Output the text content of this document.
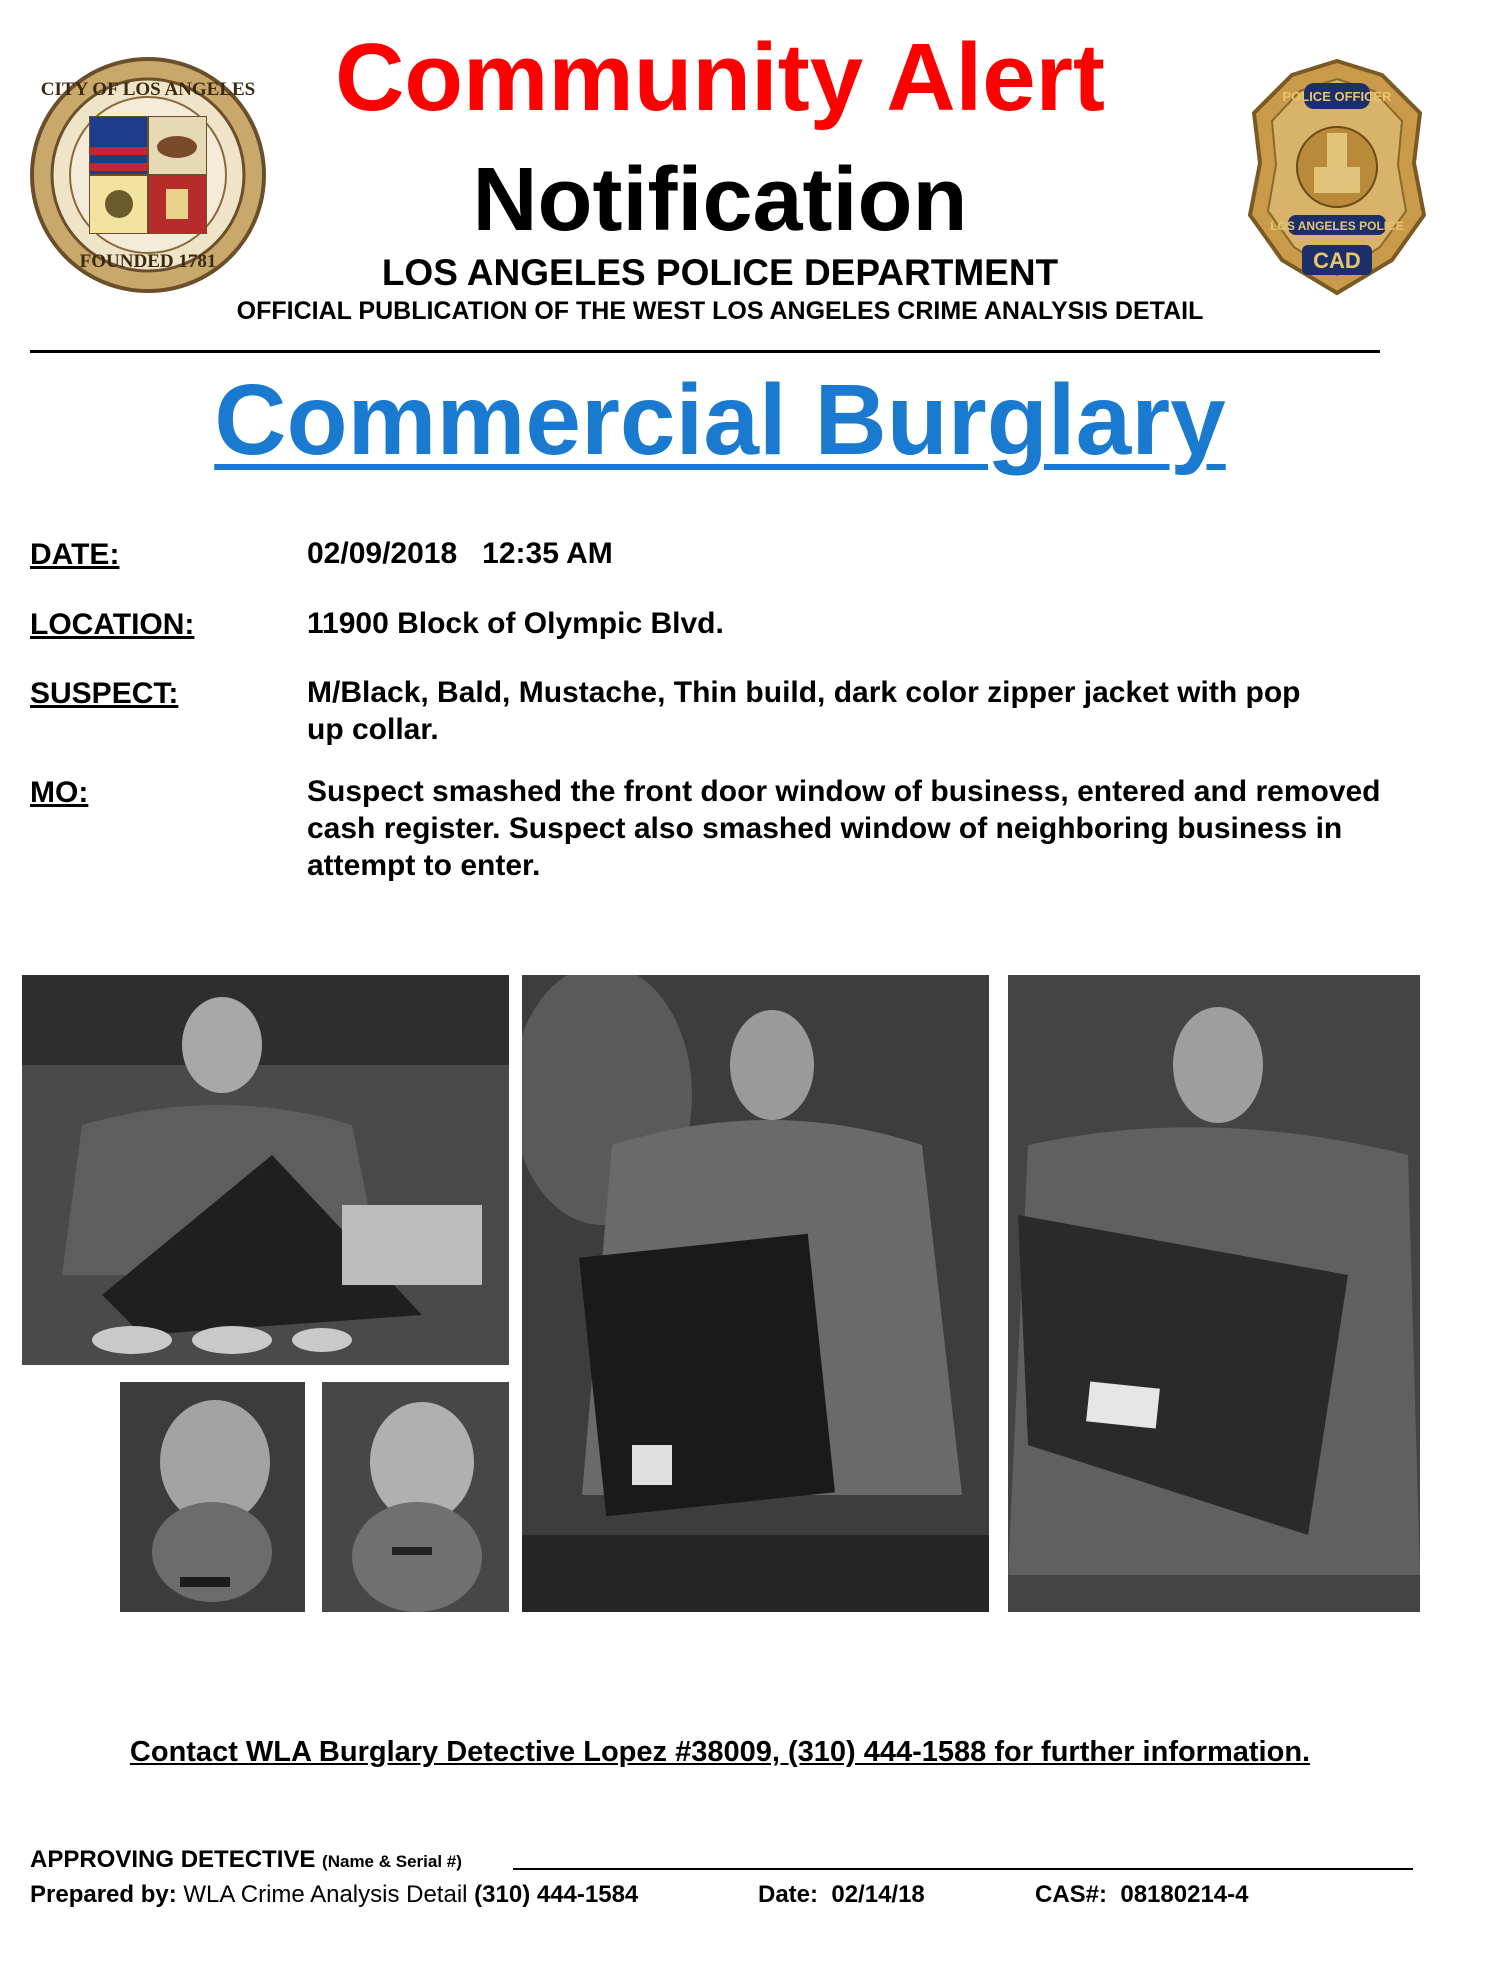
CITY OF LOS ANGELES
FOUNDED 1781
POLICE OFFICER
LOS ANGELES POLICE
CAD
Community Alert
Notification
LOS ANGELES POLICE DEPARTMENT
OFFICIAL PUBLICATION OF THE WEST LOS ANGELES CRIME ANALYSIS DETAIL
Commercial Burglary
DATE:	02/09/2018   12:35 AM
LOCATION:	11900 Block of Olympic Blvd.
SUSPECT:	M/Black, Bald, Mustache, Thin build, dark color zipper jacket with pop
up collar.
MO:	Suspect smashed the front door window of business, entered and removed
cash register. Suspect also smashed window of neighboring business in
attempt to enter.
Contact WLA Burglary Detective Lopez #38009, (310) 444-1588 for further information.
APPROVING DETECTIVE (Name & Serial #)
Prepared by: WLA Crime Analysis Detail (310) 444-1584	Date: 02/14/18	CAS#: 08180214-4
